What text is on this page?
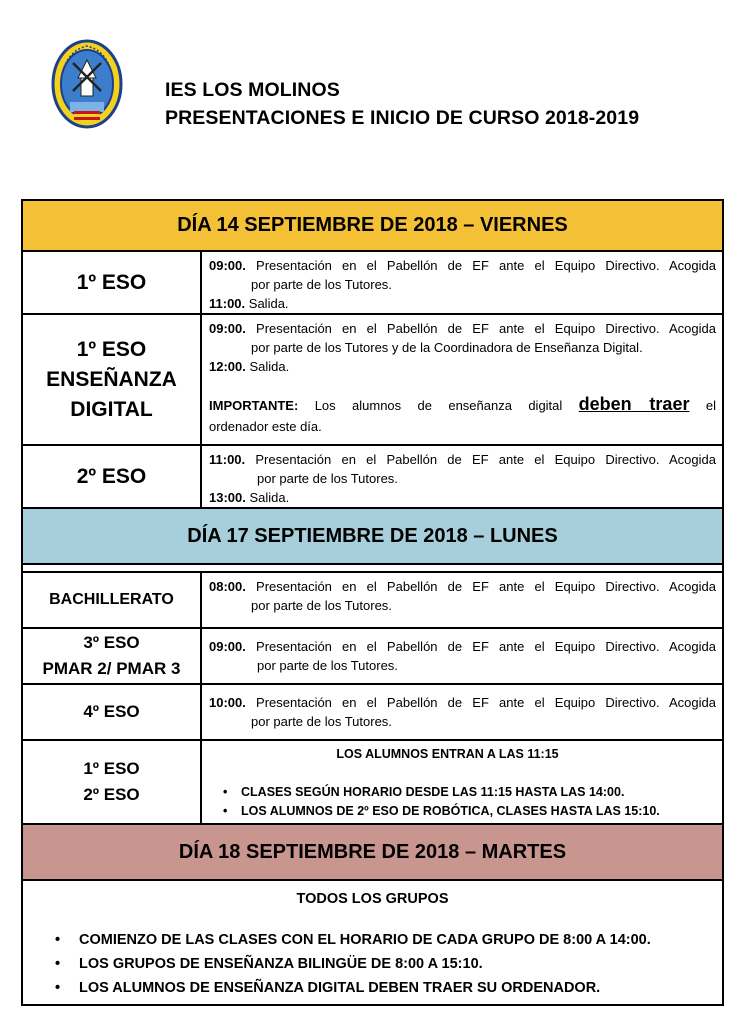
IES LOS MOLINOS
PRESENTACIONES E INICIO DE CURSO 2018-2019
DÍA 14 SEPTIEMBRE DE 2018 – VIERNES
1º ESO
09:00. Presentación en el Pabellón de EF ante el Equipo Directivo. Acogida
por parte de los Tutores.
11:00. Salida.
1º ESO
ENSEÑANZA
DIGITAL
09:00. Presentación en el Pabellón de EF ante el Equipo Directivo. Acogida
por parte de los Tutores y de la Coordinadora de Enseñanza Digital.
12:00. Salida.
IMPORTANTE: Los alumnos de enseñanza digital deben traer el
ordenador este día.
2º ESO
11:00. Presentación en el Pabellón de EF ante el Equipo Directivo. Acogida
por parte de los Tutores.
13:00. Salida.
DÍA 17 SEPTIEMBRE DE 2018 – LUNES
BACHILLERATO
08:00. Presentación en el Pabellón de EF ante el Equipo Directivo. Acogida
por parte de los Tutores.
3º ESO
PMAR 2/ PMAR 3
09:00. Presentación en el Pabellón de EF ante el Equipo Directivo. Acogida
por parte de los Tutores.
4º ESO	10:00. Presentación en el Pabellón de EF ante el Equipo Directivo. Acogida
por parte de los Tutores.
1º ESO
2º ESO
LOS ALUMNOS ENTRAN A LAS 11:15
• CLASES SEGÚN HORARIO DESDE LAS 11:15 HASTA LAS 14:00.
• LOS ALUMNOS DE 2º ESO DE ROBÓTICA, CLASES HASTA LAS 15:10.
DÍA 18 SEPTIEMBRE DE 2018 – MARTES
TODOS LOS GRUPOS
• COMIENZO DE LAS CLASES CON EL HORARIO DE CADA GRUPO DE 8:00 A 14:00.
• LOS GRUPOS DE ENSEÑANZA BILINGÜE DE 8:00 A 15:10.
• LOS ALUMNOS DE ENSEÑANZA DIGITAL DEBEN TRAER SU ORDENADOR.
